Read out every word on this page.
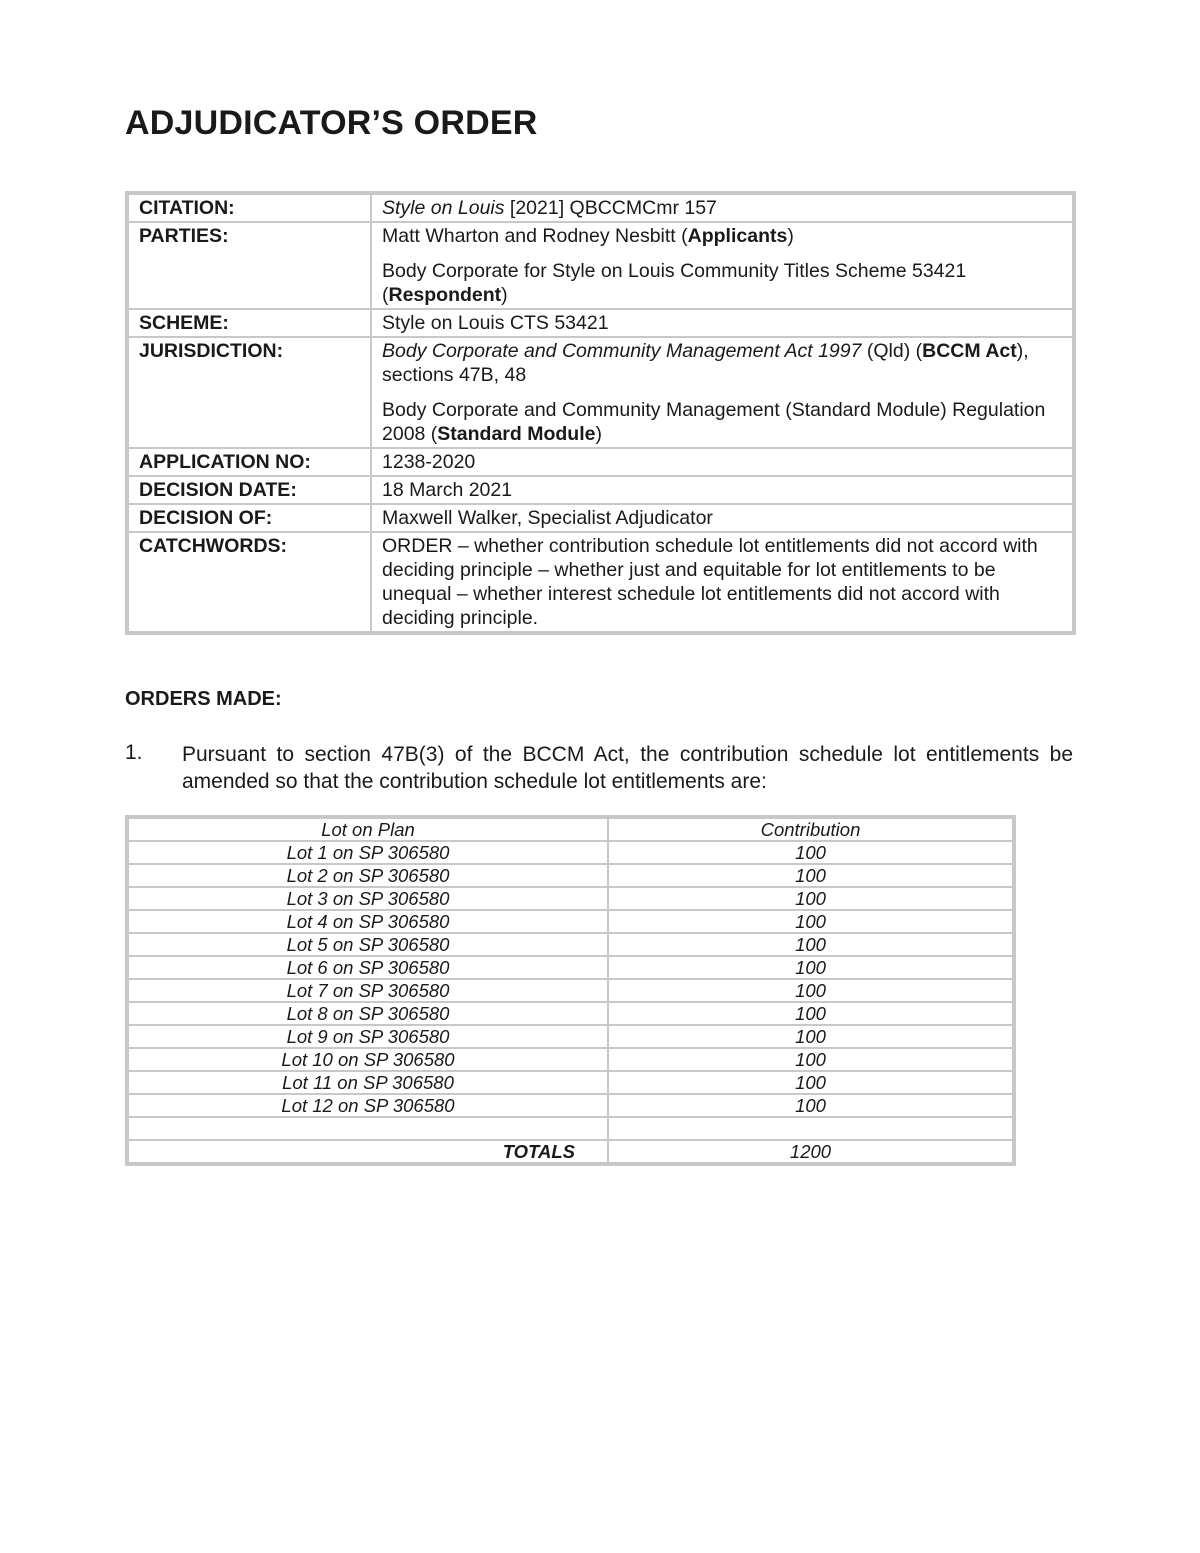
ADJUDICATOR’S ORDER
CITATION:	Style on Louis [2021] QBCCMCmr 157
PARTIES:	Matt Wharton and Rodney Nesbitt (Applicants)

Body Corporate for Style on Louis Community Titles Scheme 53421 (Respondent)

SCHEME:	Style on Louis CTS 53421
JURISDICTION:	Body Corporate and Community Management Act 1997 (Qld) (BCCM Act), sections 47B, 48

Body Corporate and Community Management (Standard Module) Regulation 2008 (Standard Module)

APPLICATION NO:	1238-2020
DECISION DATE:	18 March 2021
DECISION OF:	Maxwell Walker, Specialist Adjudicator
CATCHWORDS:	ORDER – whether contribution schedule lot entitlements did not accord with deciding principle – whether just and equitable for lot entitlements to be unequal – whether interest schedule lot entitlements did not accord with deciding principle.
ORDERS MADE:
1. Pursuant to section 47B(3) of the BCCM Act, the contribution schedule lot entitlements be amended so that the contribution schedule lot entitlements are:
Lot on Plan	Contribution
Lot 1 on SP 306580	100
Lot 2 on SP 306580	100
Lot 3 on SP 306580	100
Lot 4 on SP 306580	100
Lot 5 on SP 306580	100
Lot 6 on SP 306580	100
Lot 7 on SP 306580	100
Lot 8 on SP 306580	100
Lot 9 on SP 306580	100
Lot 10 on SP 306580	100
Lot 11 on SP 306580	100
Lot 12 on SP 306580	100

TOTALS	1200
